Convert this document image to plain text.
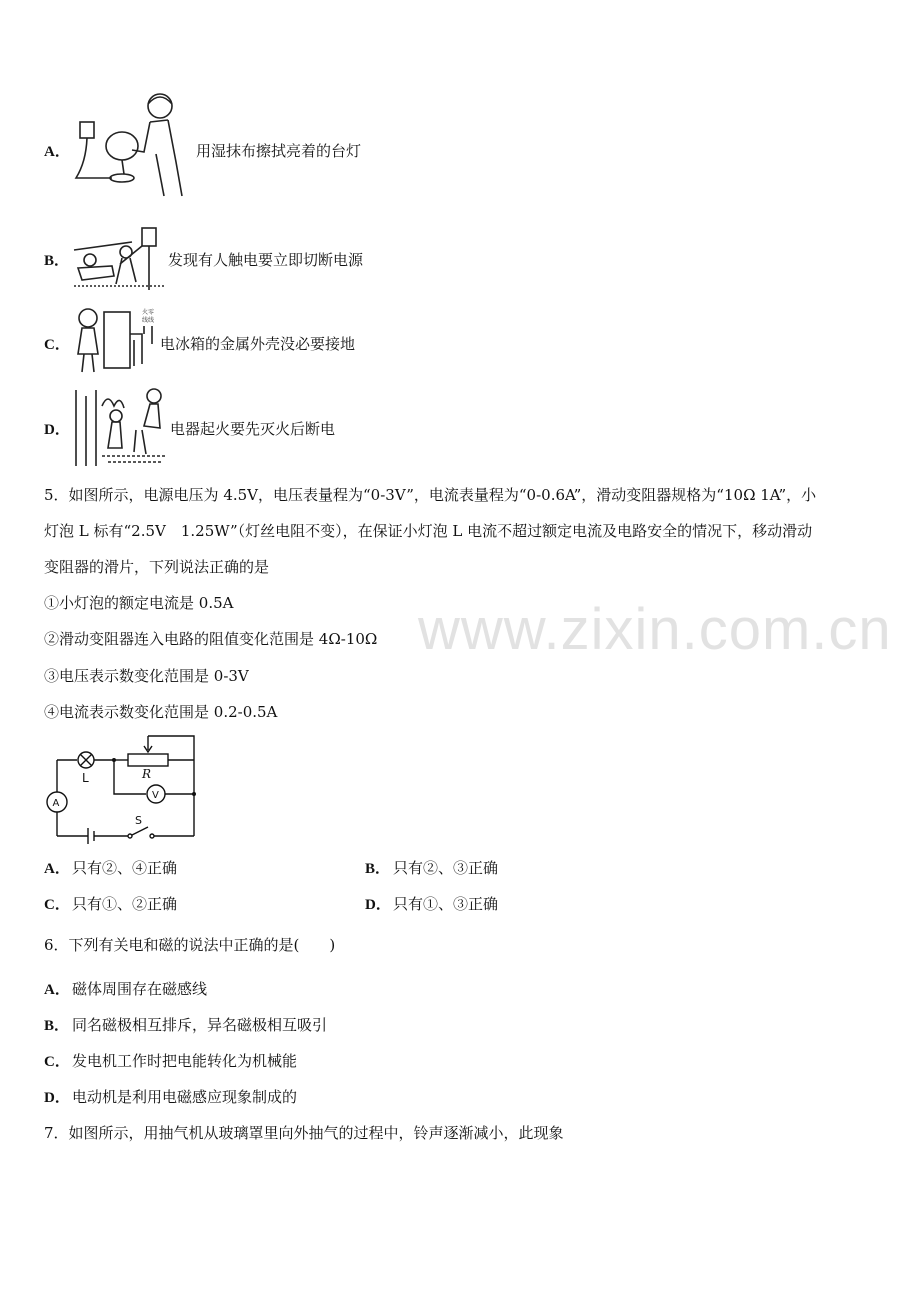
www.zixin.com.cn
A．	用湿抹布擦拭亮着的台灯
B．	发现有人触电要立即切断电源
C．
火零
线线
电冰箱的金属外壳没必要接地
D．	电器起火要先灭火后断电
5．如图所示，电源电压为 4.5V，电压表量程为“0-3V”，电流表量程为“0-0.6A”，滑动变阻器规格为“10Ω 1A”，小
灯泡 L 标有“2.5V　1.25W”（灯丝电阻不变），在保证小灯泡 L 电流不超过额定电流及电路安全的情况下，移动滑动
变阻器的滑片，下列说法正确的是
①小灯泡的额定电流是 0.5A
②滑动变阻器连入电路的阻值变化范围是 4Ω-10Ω
③电压表示数变化范围是 0-3V
④电流表示数变化范围是 0.2-0.5A
L	R
A
V
S
A． 只有②、④正确	B． 只有②、③正确
C． 只有①、②正确	D． 只有①、③正确
6．下列有关电和磁的说法中正确的是(　　)
A． 磁体周围存在磁感线
B． 同名磁极相互排斥，异名磁极相互吸引
C． 发电机工作时把电能转化为机械能
D． 电动机是利用电磁感应现象制成的
7．如图所示，用抽气机从玻璃罩里向外抽气的过程中，铃声逐渐减小，此现象
